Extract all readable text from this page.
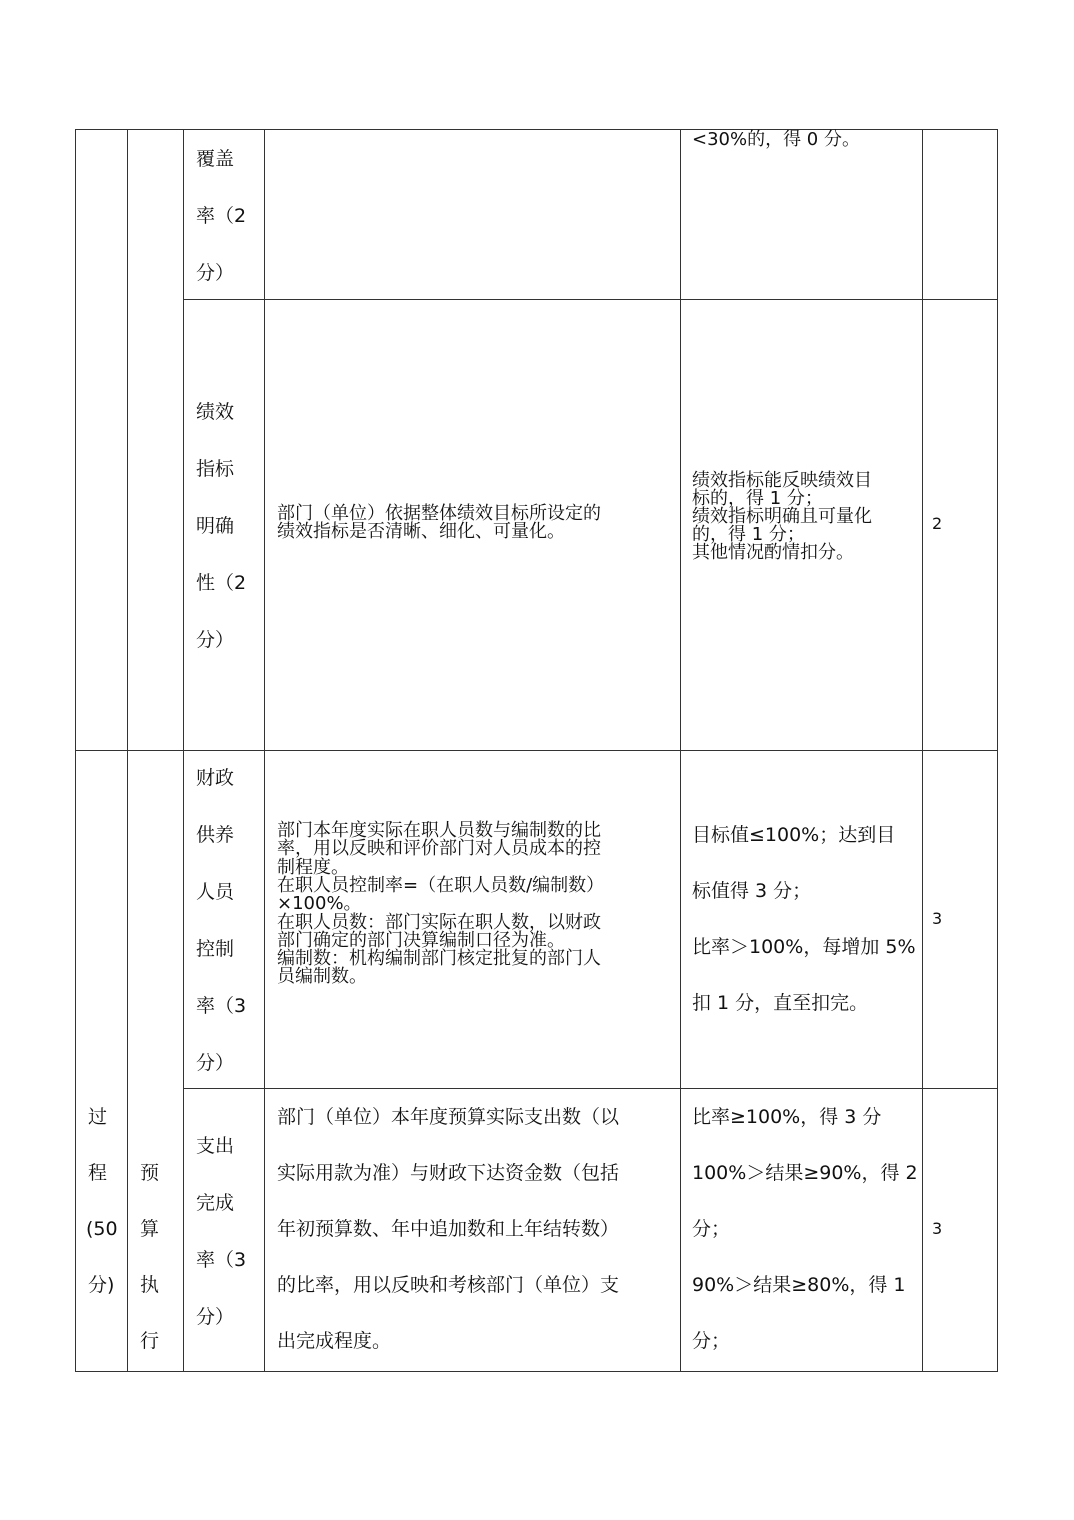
过
程
(50
分)
预
算
执
行
覆盖
率（2
分）
<30%的，得 0 分。
绩效
指标
明确
性（2
分）
部门（单位）依据整体绩效目标所设定的
绩效指标是否清晰、细化、可量化。
绩效指标能反映绩效目
标的，得 1 分；
绩效指标明确且可量化
的，得 1 分；
其他情况酌情扣分。
2
财政
供养
人员
控制
率（3
分）
部门本年度实际在职人员数与编制数的比
率，用以反映和评价部门对人员成本的控
制程度。
在职人员控制率=（在职人员数/编制数）
×100%。
在职人员数：部门实际在职人数，以财政
部门确定的部门决算编制口径为准。
编制数：机构编制部门核定批复的部门人
员编制数。
目标值≤100%；达到目
标值得 3 分；
比率＞100%，每增加 5%
扣 1 分，直至扣完。
3
支出
完成
率（3
分）
部门（单位）本年度预算实际支出数（以
实际用款为准）与财政下达资金数（包括
年初预算数、年中追加数和上年结转数）
的比率，用以反映和考核部门（单位）支
出完成程度。
比率≥100%，得 3 分
100%＞结果≥90%，得 2
分；
90%＞结果≥80%，得 1
分；
3
